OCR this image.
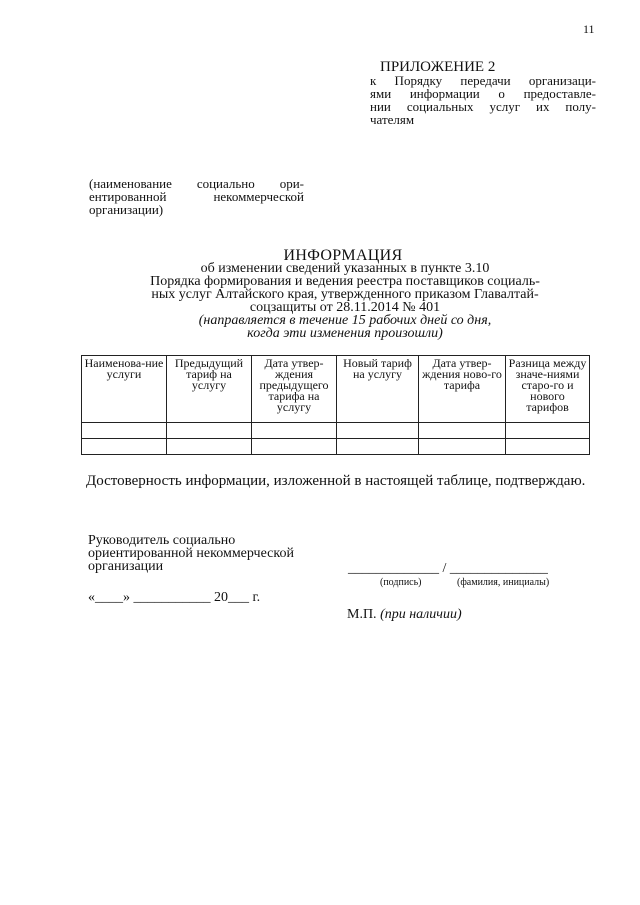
11
ПРИЛОЖЕНИЕ 2
к Порядку передачи организаци-
ями информации о предоставле-
нии социальных услуг их полу-
чателям
(наименование социально ори-
ентированной некоммерческой
организации)
ИНФОРМАЦИЯ
об изменении сведений указанных в пункте 3.10
Порядка формирования и ведения реестра поставщиков социаль-
ных услуг Алтайского края, утвержденного приказом Главалтай-
соцзащиты от 28.11.2014 № 401
(направляется в течение 15 рабочих дней со дня,
когда эти изменения произошли)
Наименова-ние услуги	Предыдущий тариф на услугу	Дата утвер-ждения предыдущего тарифа на услугу	Новый тариф на услугу	Дата утвер-ждения ново-го тарифа	Разница между значе-ниями старо-го и нового тарифов

Достоверность информации, изложенной в настоящей таблице, подтверждаю.
Руководитель социально
ориентированной некоммерческой
организации
«____» ___________ 20___ г.
_____________ / ______________
(подпись)	(фамилия, инициалы)
М.П. (при наличии)
